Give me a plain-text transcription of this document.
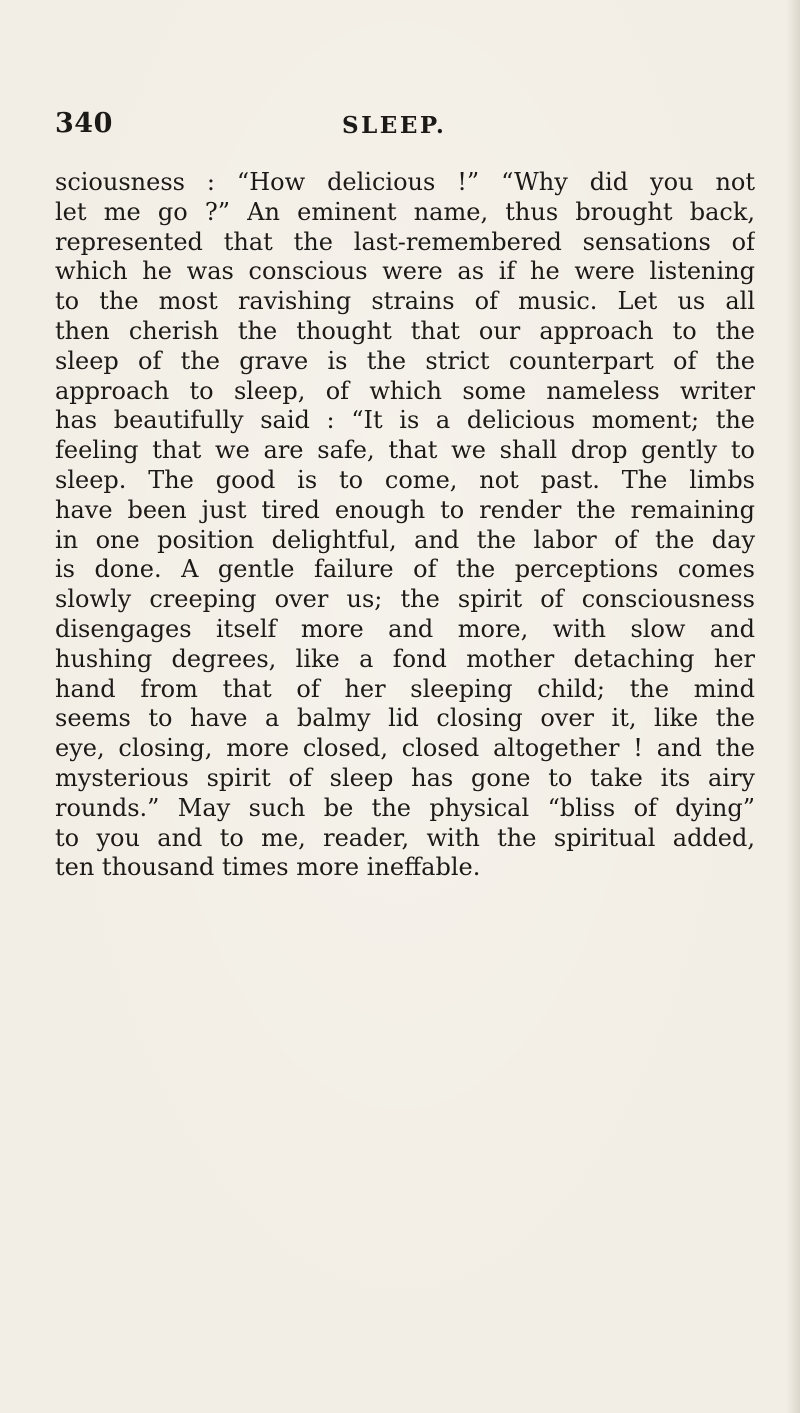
340	SLEEP.
sciousness : “How delicious !” “Why did you not
let me go ?” An eminent name, thus brought back,
represented that the last-remembered sensations of
which he was conscious were as if he were listening
to the most ravishing strains of music. Let us all
then cherish the thought that our approach to the
sleep of the grave is the strict counterpart of the
approach to sleep, of which some nameless writer
has beautifully said : “It is a delicious moment; the
feeling that we are safe, that we shall drop gently to
sleep. The good is to come, not past. The limbs
have been just tired enough to render the remaining
in one position delightful, and the labor of the day
is done. A gentle failure of the perceptions comes
slowly creeping over us; the spirit of consciousness
disengages itself more and more, with slow and
hushing degrees, like a fond mother detaching her
hand from that of her sleeping child; the mind
seems to have a balmy lid closing over it, like the
eye, closing, more closed, closed altogether ! and the
mysterious spirit of sleep has gone to take its airy
rounds.” May such be the physical “bliss of dying”
to you and to me, reader, with the spiritual added,
ten thousand times more ineffable.
